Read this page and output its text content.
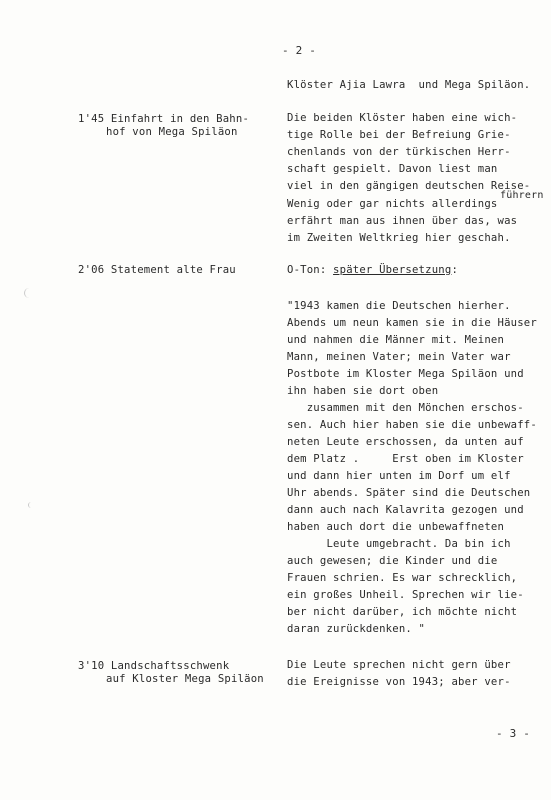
- 2 -
Klöster Ajia Lawra  und Mega Spiläon.
1'45 Einfahrt in den Bahn-
hof von Mega Spiläon
Die beiden Klöster haben eine wich-
tige Rolle bei der Befreiung Grie-
chenlands von der türkischen Herr-
schaft gespielt. Davon liest man
viel in den gängigen deutschen Reise-
führern
Wenig oder gar nichts allerdings
erfährt man aus ihnen über das, was
im Zweiten Weltkrieg hier geschah.
2'06 Statement alte Frau	O-Ton: später Übersetzung:
"1943 kamen die Deutschen hierher.
Abends um neun kamen sie in die Häuser
und nahmen die Männer mit. Meinen
Mann, meinen Vater; mein Vater war
Postbote im Kloster Mega Spiläon und
ihn haben sie dort oben
zusammen mit den Mönchen erschos-
sen. Auch hier haben sie die unbewaff-
neten Leute erschossen, da unten auf
dem Platz .     Erst oben im Kloster
und dann hier unten im Dorf um elf
Uhr abends. Später sind die Deutschen
dann auch nach Kalavrita gezogen und
haben auch dort die unbewaffneten
Leute umgebracht. Da bin ich
auch gewesen; die Kinder und die
Frauen schrien. Es war schrecklich,
ein großes Unheil. Sprechen wir lie-
ber nicht darüber, ich möchte nicht
daran zurückdenken. "
3'10 Landschaftsschwenk
auf Kloster Mega Spiläon
Die Leute sprechen nicht gern über
die Ereignisse von 1943; aber ver-
- 3 -
